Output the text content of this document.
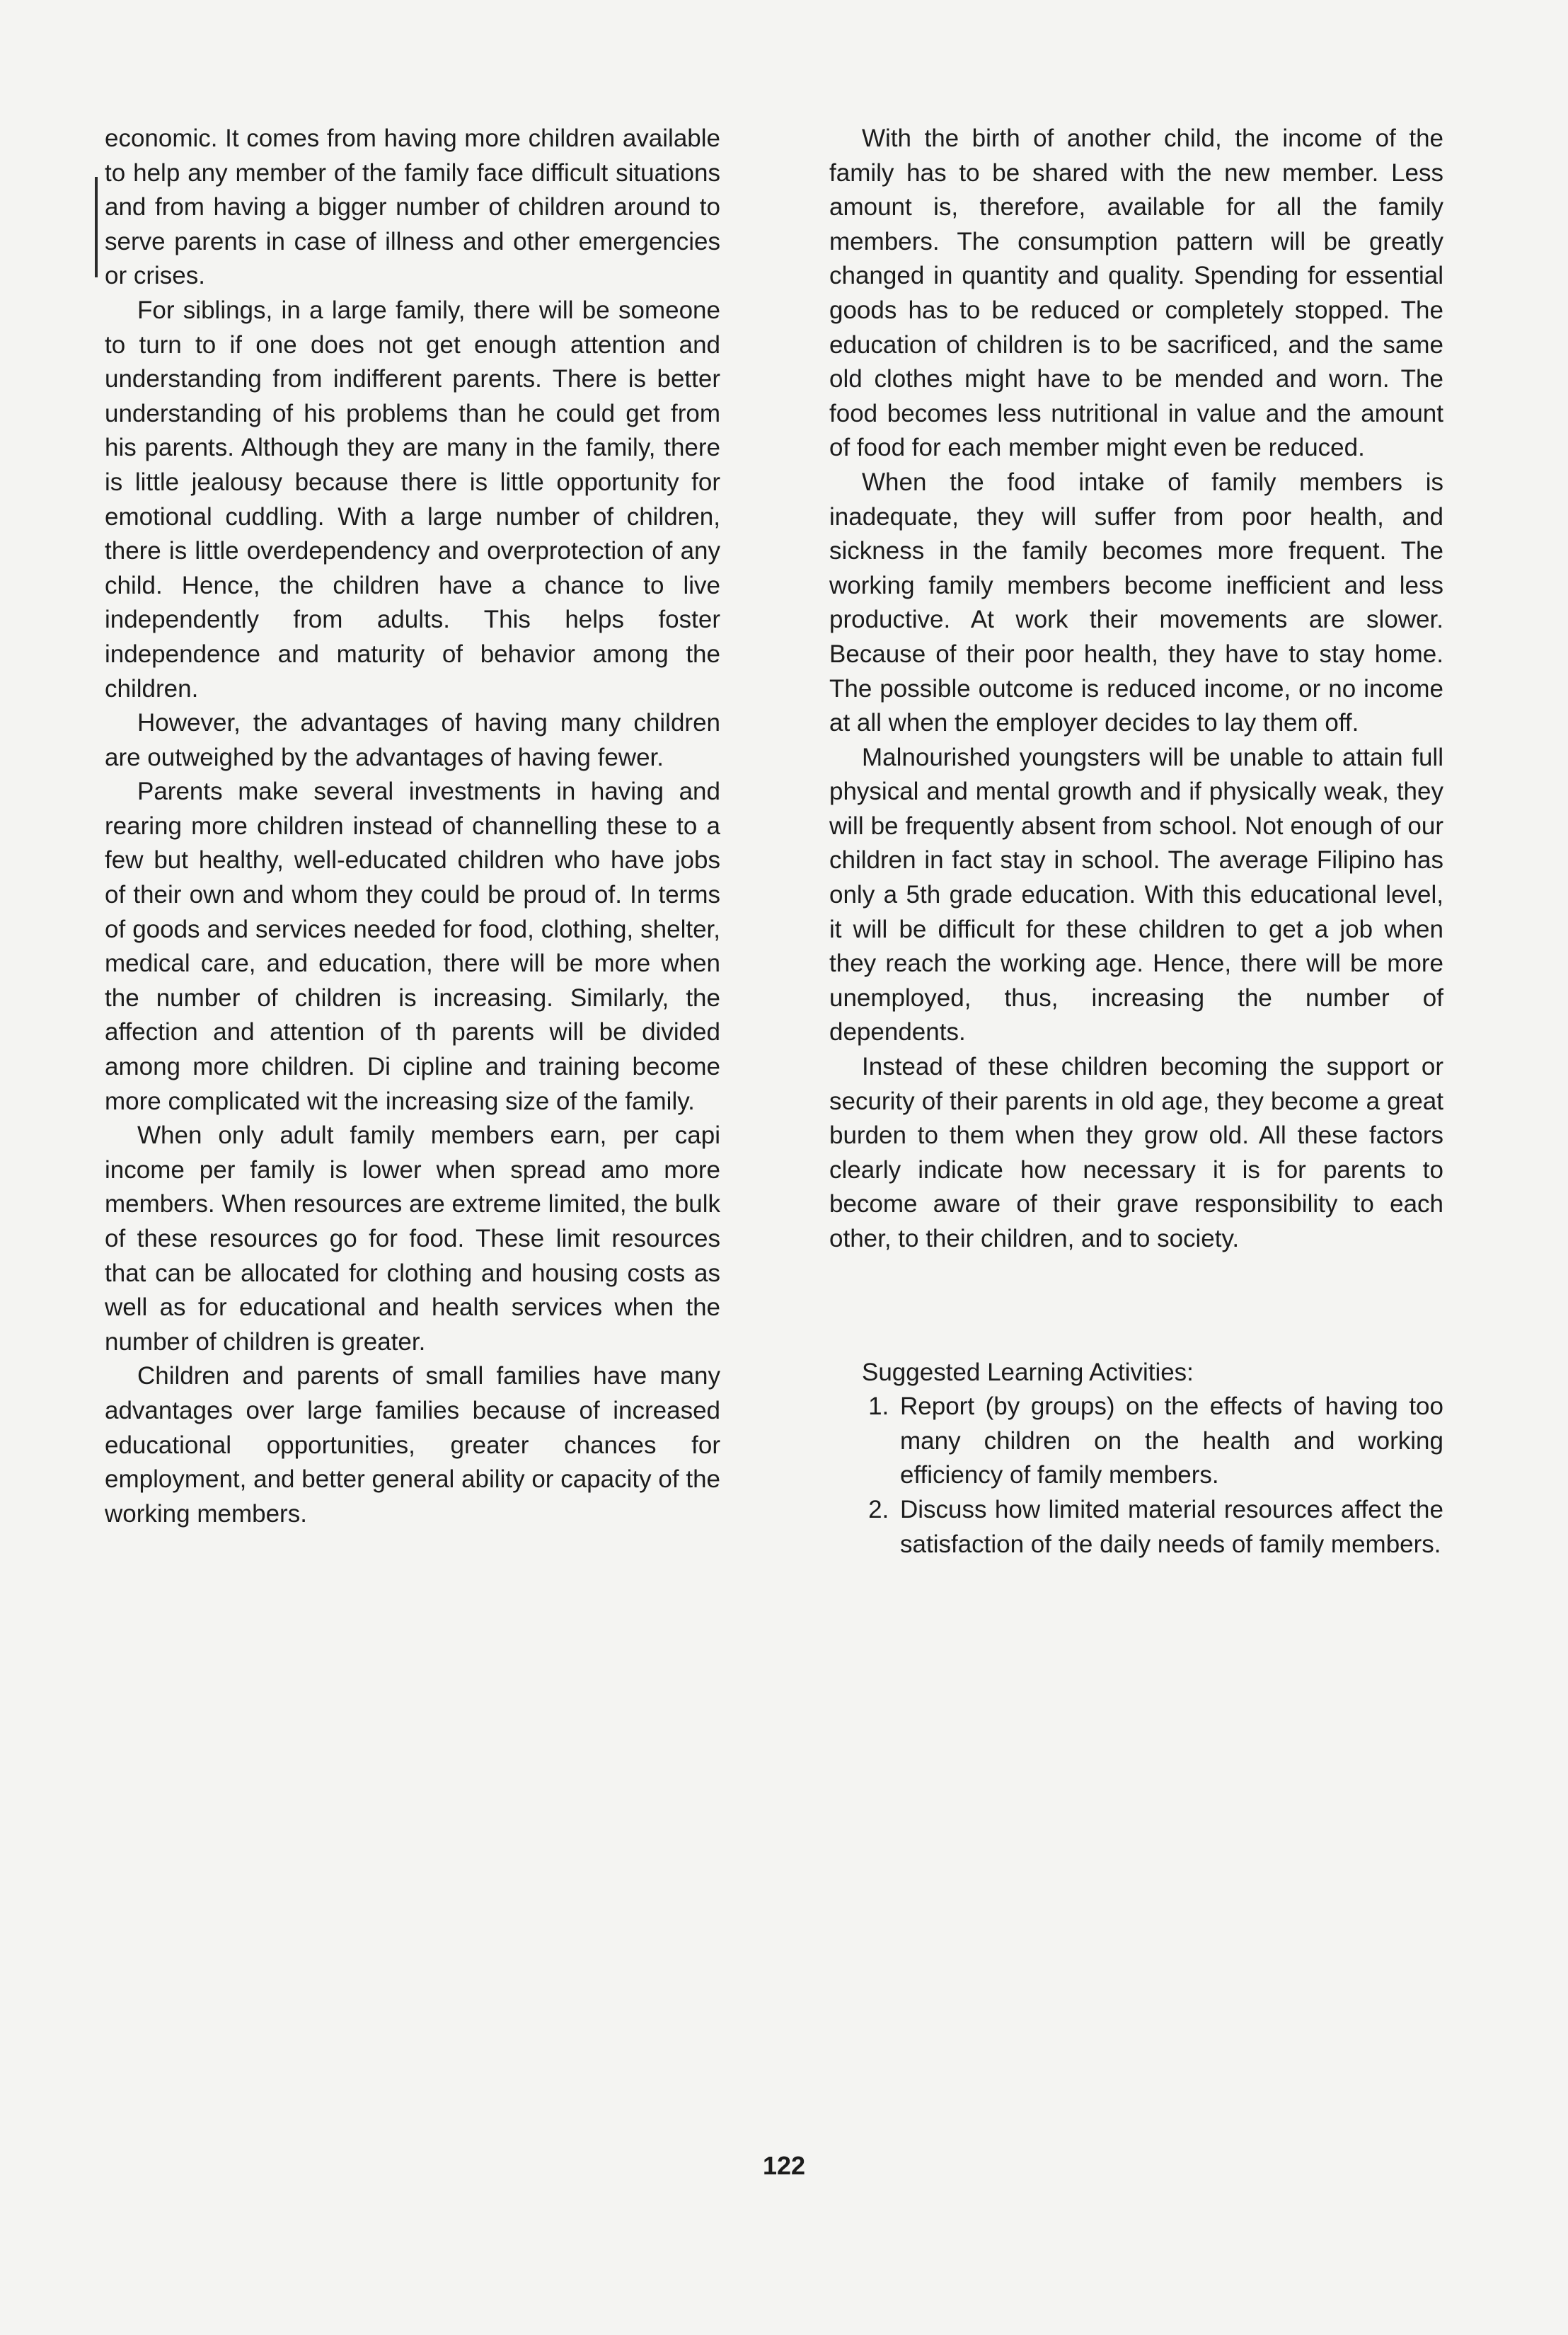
economic. It comes from having more children available to help any member of the family face difficult situations and from having a bigger number of children around to serve parents in case of illness and other emergencies or crises.

For siblings, in a large family, there will be someone to turn to if one does not get enough attention and understanding from indifferent parents. There is better understanding of his problems than he could get from his parents. Although they are many in the family, there is little jealousy because there is little opportunity for emotional cuddling. With a large number of children, there is little overdependency and overprotection of any child. Hence, the children have a chance to live independently from adults. This helps foster independence and maturity of behavior among the children.

However, the advantages of having many children are outweighed by the advantages of having fewer.

Parents make several investments in having and rearing more children instead of channelling these to a few but healthy, well-educated children who have jobs of their own and whom they could be proud of. In terms of goods and services needed for food, clothing, shelter, medical care, and education, there will be more when the number of children is increasing. Similarly, the affection and attention of th parents will be divided among more children. Di cipline and training become more complicated wit the increasing size of the family.

When only adult family members earn, per capi income per family is lower when spread amo more members. When resources are extreme limited, the bulk of these resources go for food. These limit resources that can be allocated for clothing and housing costs as well as for educational and health services when the number of children is greater.

Children and parents of small families have many advantages over large families because of increased educational opportunities, greater chances for employment, and better general ability or capacity of the working members.

With the birth of another child, the income of the family has to be shared with the new member. Less amount is, therefore, available for all the family members. The consumption pattern will be greatly changed in quantity and quality. Spending for essential goods has to be reduced or completely stopped. The education of children is to be sacrificed, and the same old clothes might have to be mended and worn. The food becomes less nutritional in value and the amount of food for each member might even be reduced.

When the food intake of family members is inadequate, they will suffer from poor health, and sickness in the family becomes more frequent. The working family members become inefficient and less productive. At work their movements are slower. Because of their poor health, they have to stay home. The possible outcome is reduced income, or no income at all when the employer decides to lay them off.

Malnourished youngsters will be unable to attain full physical and mental growth and if physically weak, they will be frequently absent from school. Not enough of our children in fact stay in school. The average Filipino has only a 5th grade education. With this educational level, it will be difficult for these children to get a job when they reach the working age. Hence, there will be more unemployed, thus, increasing the number of dependents.

Instead of these children becoming the support or security of their parents in old age, they become a great burden to them when they grow old. All these factors clearly indicate how necessary it is for parents to become aware of their grave responsibility to each other, to their children, and to society.

Suggested Learning Activities:

1. Report (by groups) on the effects of having too many children on the health and working efficiency of family members.
2. Discuss how limited material resources affect the satisfaction of the daily needs of family members.
122
